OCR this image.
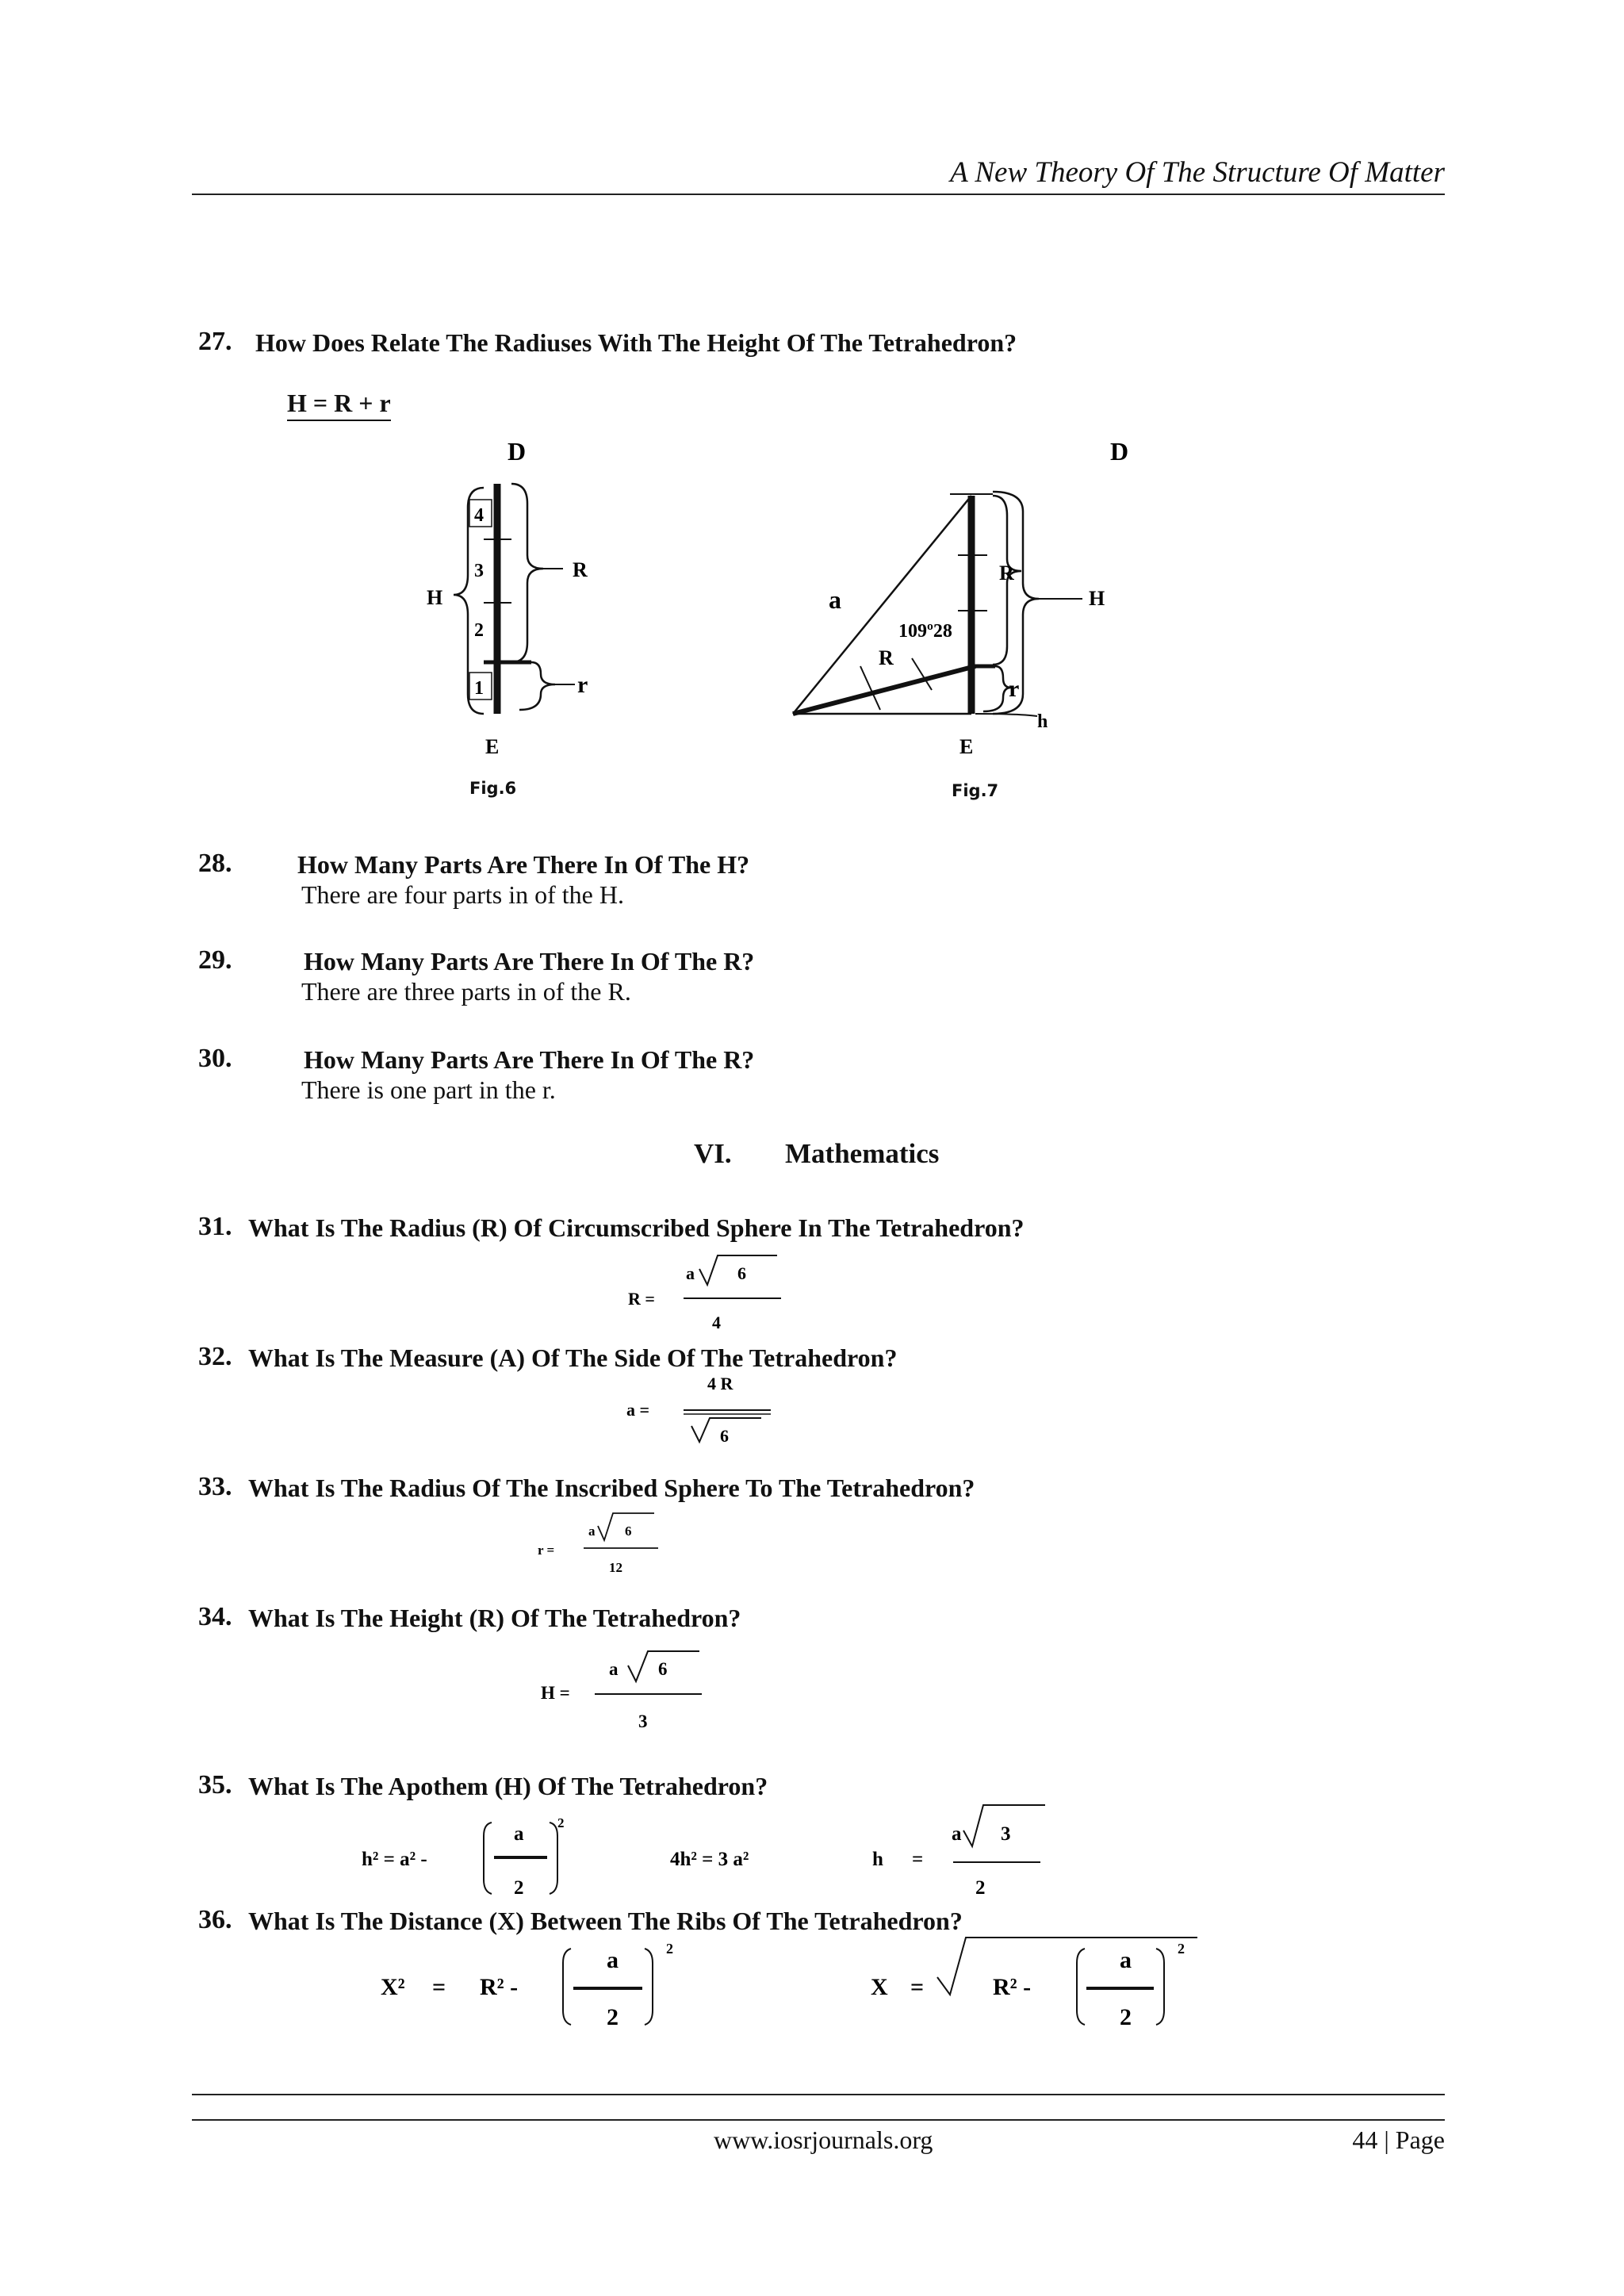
A New Theory Of The Structure Of Matter
27. How Does Relate The Radiuses With The Height Of The Tetrahedron?
H = R + r
D
H
R
r
4
3
2
1
E
Fig.6
D
R
H
r
h
a
R
109º28
E
Fig.7
28.	How Many Parts Are There In Of The H?
There are four parts in of the H.
29.	How Many Parts Are There In Of The R?
There are three parts in of the R.
30.	How Many Parts Are There In Of The R?
There is one part in the r.
VI. Mathematics
31. What Is The Radius (R) Of Circumscribed Sphere In The Tetrahedron?
R =
a 6
4
32. What Is The Measure (A) Of The Side Of The Tetrahedron?
a =
4 R
6
33. What Is The Radius Of The Inscribed Sphere To The Tetrahedron?
r =
a 6
12
34. What Is The Height (R) Of The Tetrahedron?
H =
a 6
3
35. What Is The Apothem (H) Of The Tetrahedron?
h² = a² -
a
2
2
4h² = 3 a²	h =
a 3
2
36. What Is The Distance (X) Between The Ribs Of The Tetrahedron?
X² = R² -
a
2
2
X =	R² -
a
2
2
www.iosrjournals.org	44 | Page
